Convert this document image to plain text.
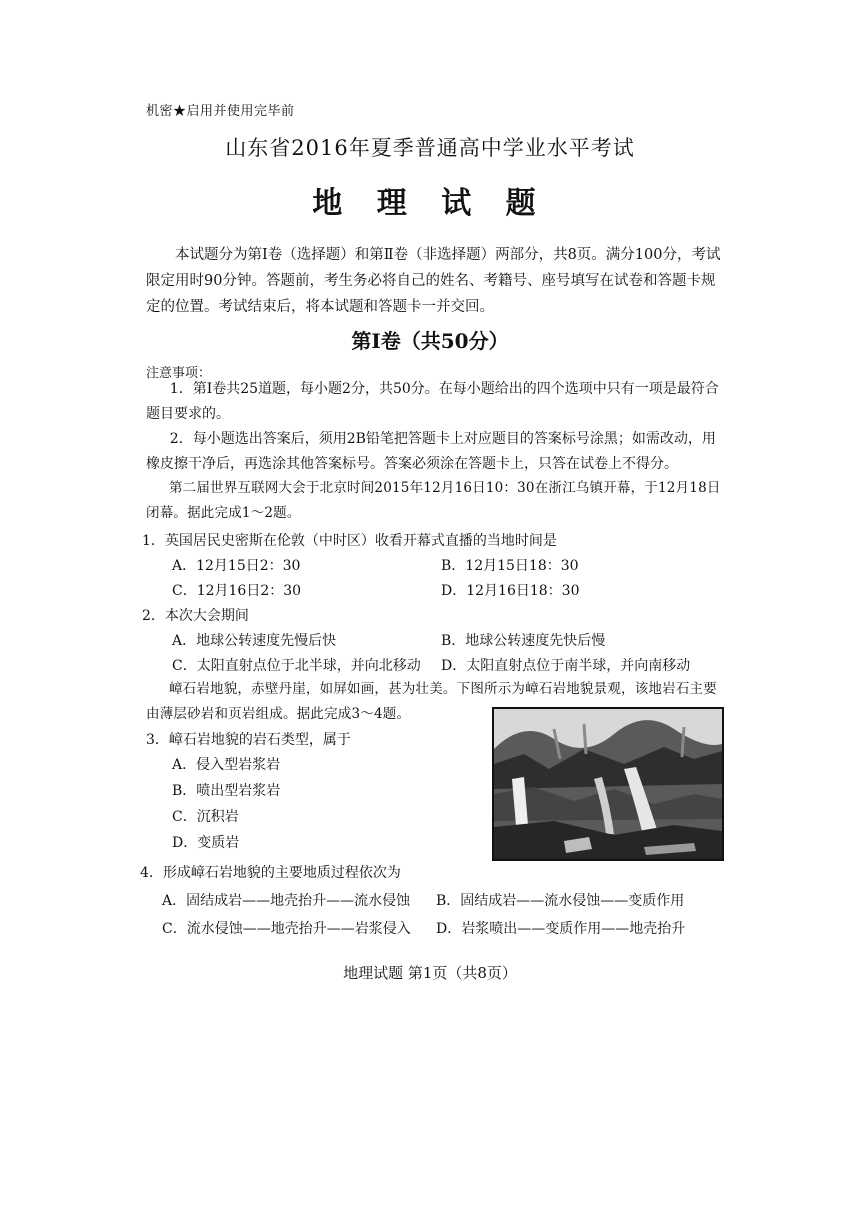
机密★启用并使用完毕前
山东省2016年夏季普通高中学业水平考试
地 理 试 题
本试题分为第Ⅰ卷（选择题）和第Ⅱ卷（非选择题）两部分，共8页。满分100分，考试限定用时90分钟。答题前，考生务必将自己的姓名、考籍号、座号填写在试卷和答题卡规定的位置。考试结束后，将本试题和答题卡一并交回。
第Ⅰ卷（共50分）
注意事项：
1．第Ⅰ卷共25道题，每小题2分，共50分。在每小题给出的四个选项中只有一项是最符合题目要求的。
2．每小题选出答案后，须用2B铅笔把答题卡上对应题目的答案标号涂黑；如需改动，用橡皮擦干净后，再选涂其他答案标号。答案必须涂在答题卡上，只答在试卷上不得分。
第二届世界互联网大会于北京时间2015年12月16日10：30在浙江乌镇开幕，于12月18日闭幕。据此完成1～2题。
1．英国居民史密斯在伦敦（中时区）收看开幕式直播的当地时间是
A．12月15日2：30	B．12月15日18：30
C．12月16日2：30	D．12月16日18：30
2．本次大会期间
A．地球公转速度先慢后快	B．地球公转速度先快后慢
C．太阳直射点位于北半球，并向北移动 D．太阳直射点位于南半球，并向南移动
嶂石岩地貌，赤壁丹崖，如屏如画，甚为壮美。下图所示为嶂石岩地貌景观，该地岩石主要由薄层砂岩和页岩组成。据此完成3～4题。
3．嶂石岩地貌的岩石类型，属于
A．侵入型岩浆岩
B．喷出型岩浆岩
C．沉积岩
D．变质岩
4．形成嶂石岩地貌的主要地质过程依次为
A．固结成岩——地壳抬升——流水侵蚀 B．固结成岩——流水侵蚀——变质作用
C．流水侵蚀——地壳抬升——岩浆侵入 D．岩浆喷出——变质作用——地壳抬升
地理试题 第1页（共8页）
